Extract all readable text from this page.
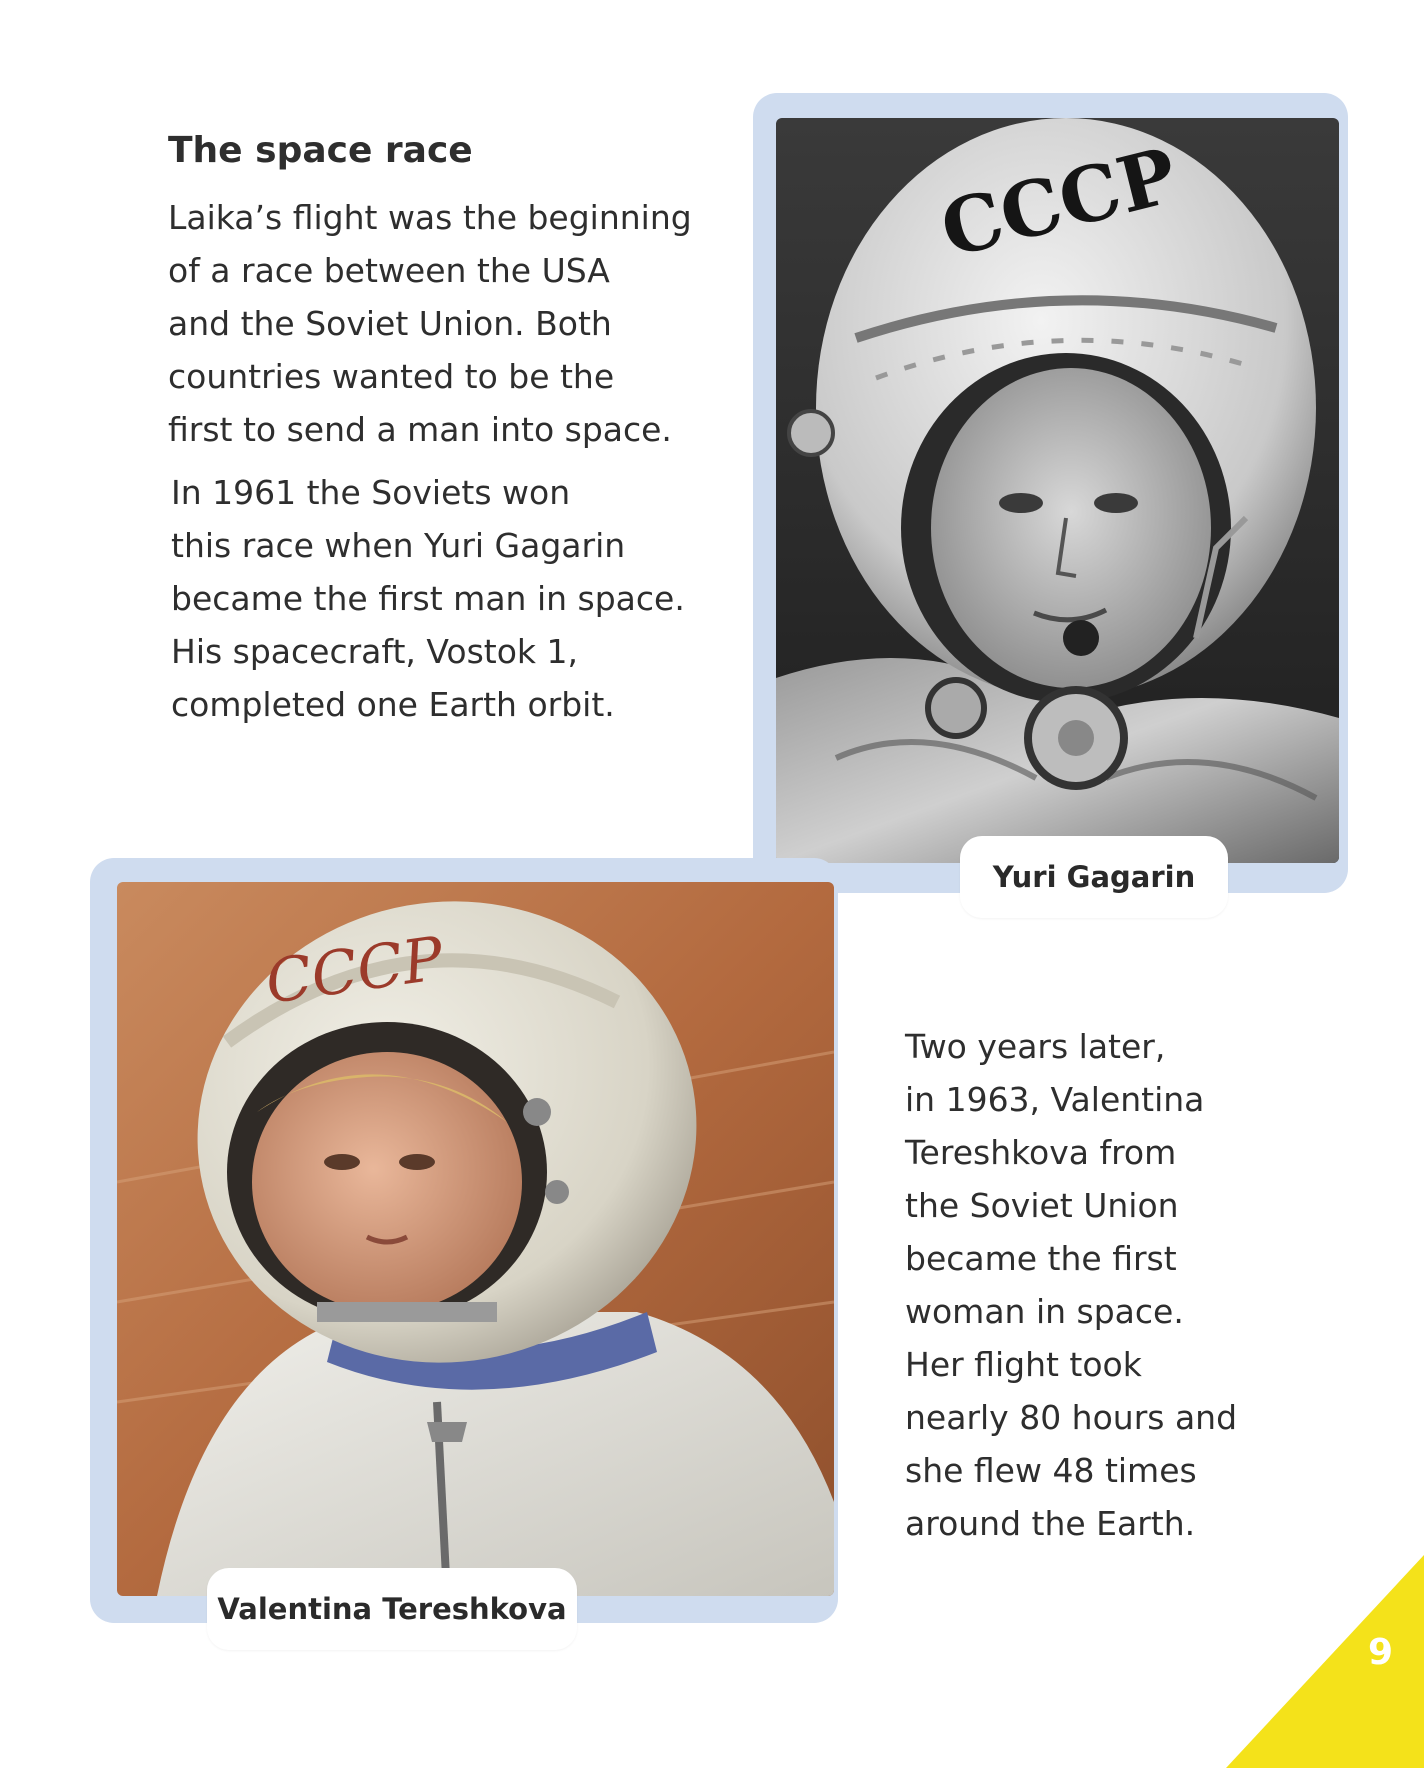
The space race

Laika’s flight was the beginning
of a race between the USA
and the Soviet Union. Both
countries wanted to be the
first to send a man into space.

In 1961 the Soviets won
this race when Yuri Gagarin
became the first man in space.
His spacecraft, Vostok 1,
completed one Earth orbit.

СССР
Yuri Gagarin
СССР
Valentina Tereshkova

Two years later,
in 1963, Valentina
Tereshkova from
the Soviet Union
became the first
woman in space.
Her flight took
nearly 80 hours and
she flew 48 times
around the Earth.

9
